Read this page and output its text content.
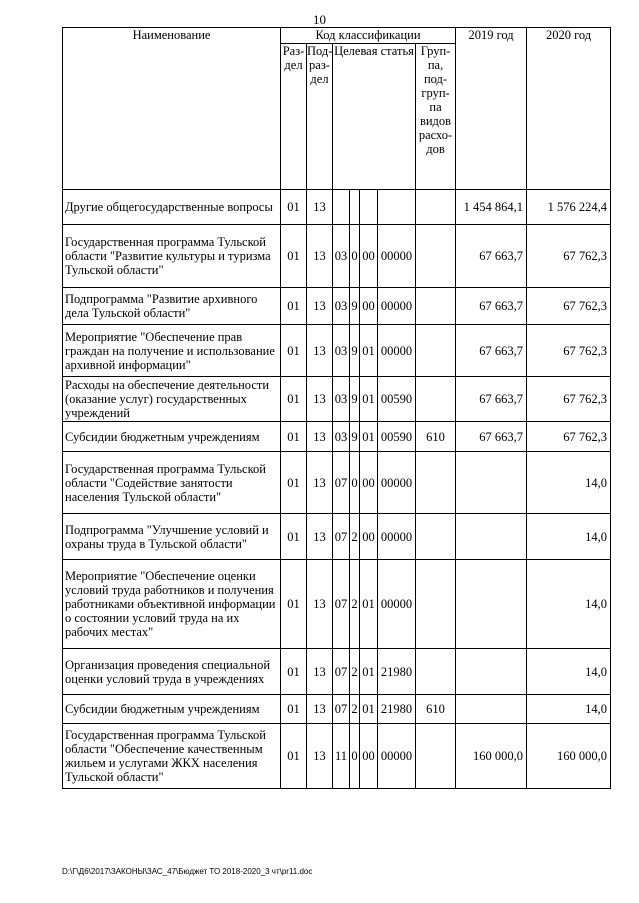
10
Наименование	Код классификации							2019 год	2020 год
	Раз-дел	Под-раз-дел	Целевая статья				Груп-па, под-груп-па видов расхо-дов		
Другие общегосударственные вопросы	01	13						1 454 864,1	1 576 224,4
Государственная программа Тульской области "Развитие культуры и туризма Тульской области"	01	13	03	0	00	00000		67 663,7	67 762,3
Подпрограмма "Развитие архивного дела Тульской области"	01	13	03	9	00	00000		67 663,7	67 762,3
Мероприятие "Обеспечение прав граждан на получение и использование архивной информации"	01	13	03	9	01	00000		67 663,7	67 762,3
Расходы на обеспечение деятельности (оказание услуг) государственных учреждений	01	13	03	9	01	00590		67 663,7	67 762,3
Субсидии бюджетным учреждениям	01	13	03	9	01	00590	610	67 663,7	67 762,3
Государственная программа Тульской области "Содействие занятости населения Тульской области"	01	13	07	0	00	00000			14,0
Подпрограмма "Улучшение условий и охраны труда в Тульской области"	01	13	07	2	00	00000			14,0
Мероприятие "Обеспечение оценки условий труда работников и получения работниками объективной информации о состоянии условий труда на их рабочих местах"	01	13	07	2	01	00000			14,0
Организация проведения специальной оценки условий труда в учреждениях	01	13	07	2	01	21980			14,0
Субсидии бюджетным учреждениям	01	13	07	2	01	21980	610		14,0
Государственная программа Тульской области "Обеспечение качественным жильем и услугами ЖКХ населения Тульской области"	01	13	11	0	00	00000		160 000,0	160 000,0
D:\Г\Д6\2017\ЗАКОНЫ\ЗАС_47\Бюджет ТО 2018-2020_3 чт\pr11.doc
